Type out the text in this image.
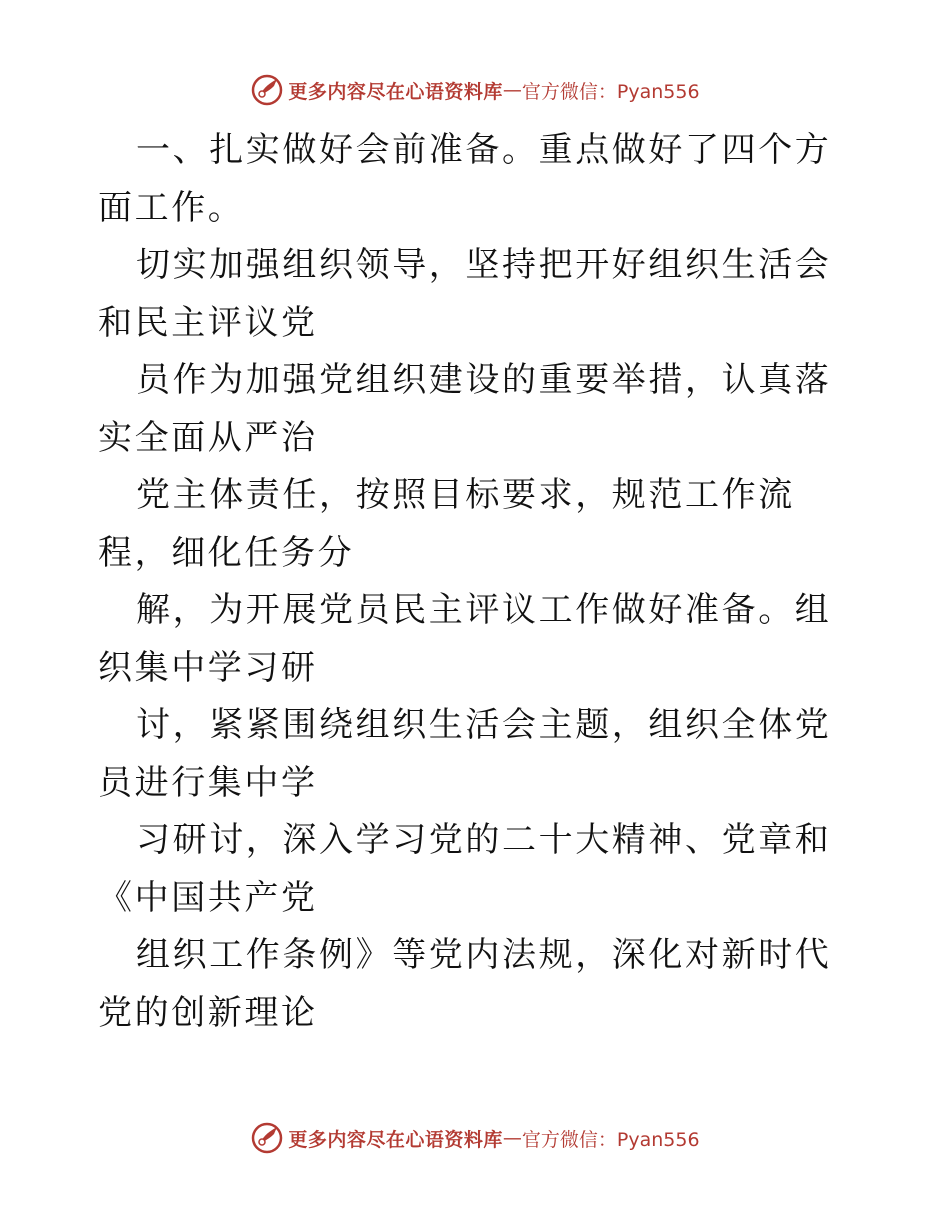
更多内容尽在心语资料库 — 官方微信：Pyan556

一、扎实做好会前准备。重点做好了四个方面工作。

切实加强组织领导，坚持把开好组织生活会和民主评议党

员作为加强党组织建设的重要举措，认真落实全面从严治

党主体责任，按照目标要求，规范工作流程，细化任务分

解，为开展党员民主评议工作做好准备。组织集中学习研

讨，紧紧围绕组织生活会主题，组织全体党员进行集中学

习研讨，深入学习党的二十大精神、党章和《中国共产党

组织工作条例》等党内法规，深化对新时代党的创新理论

更多内容尽在心语资料库 — 官方微信：Pyan556
